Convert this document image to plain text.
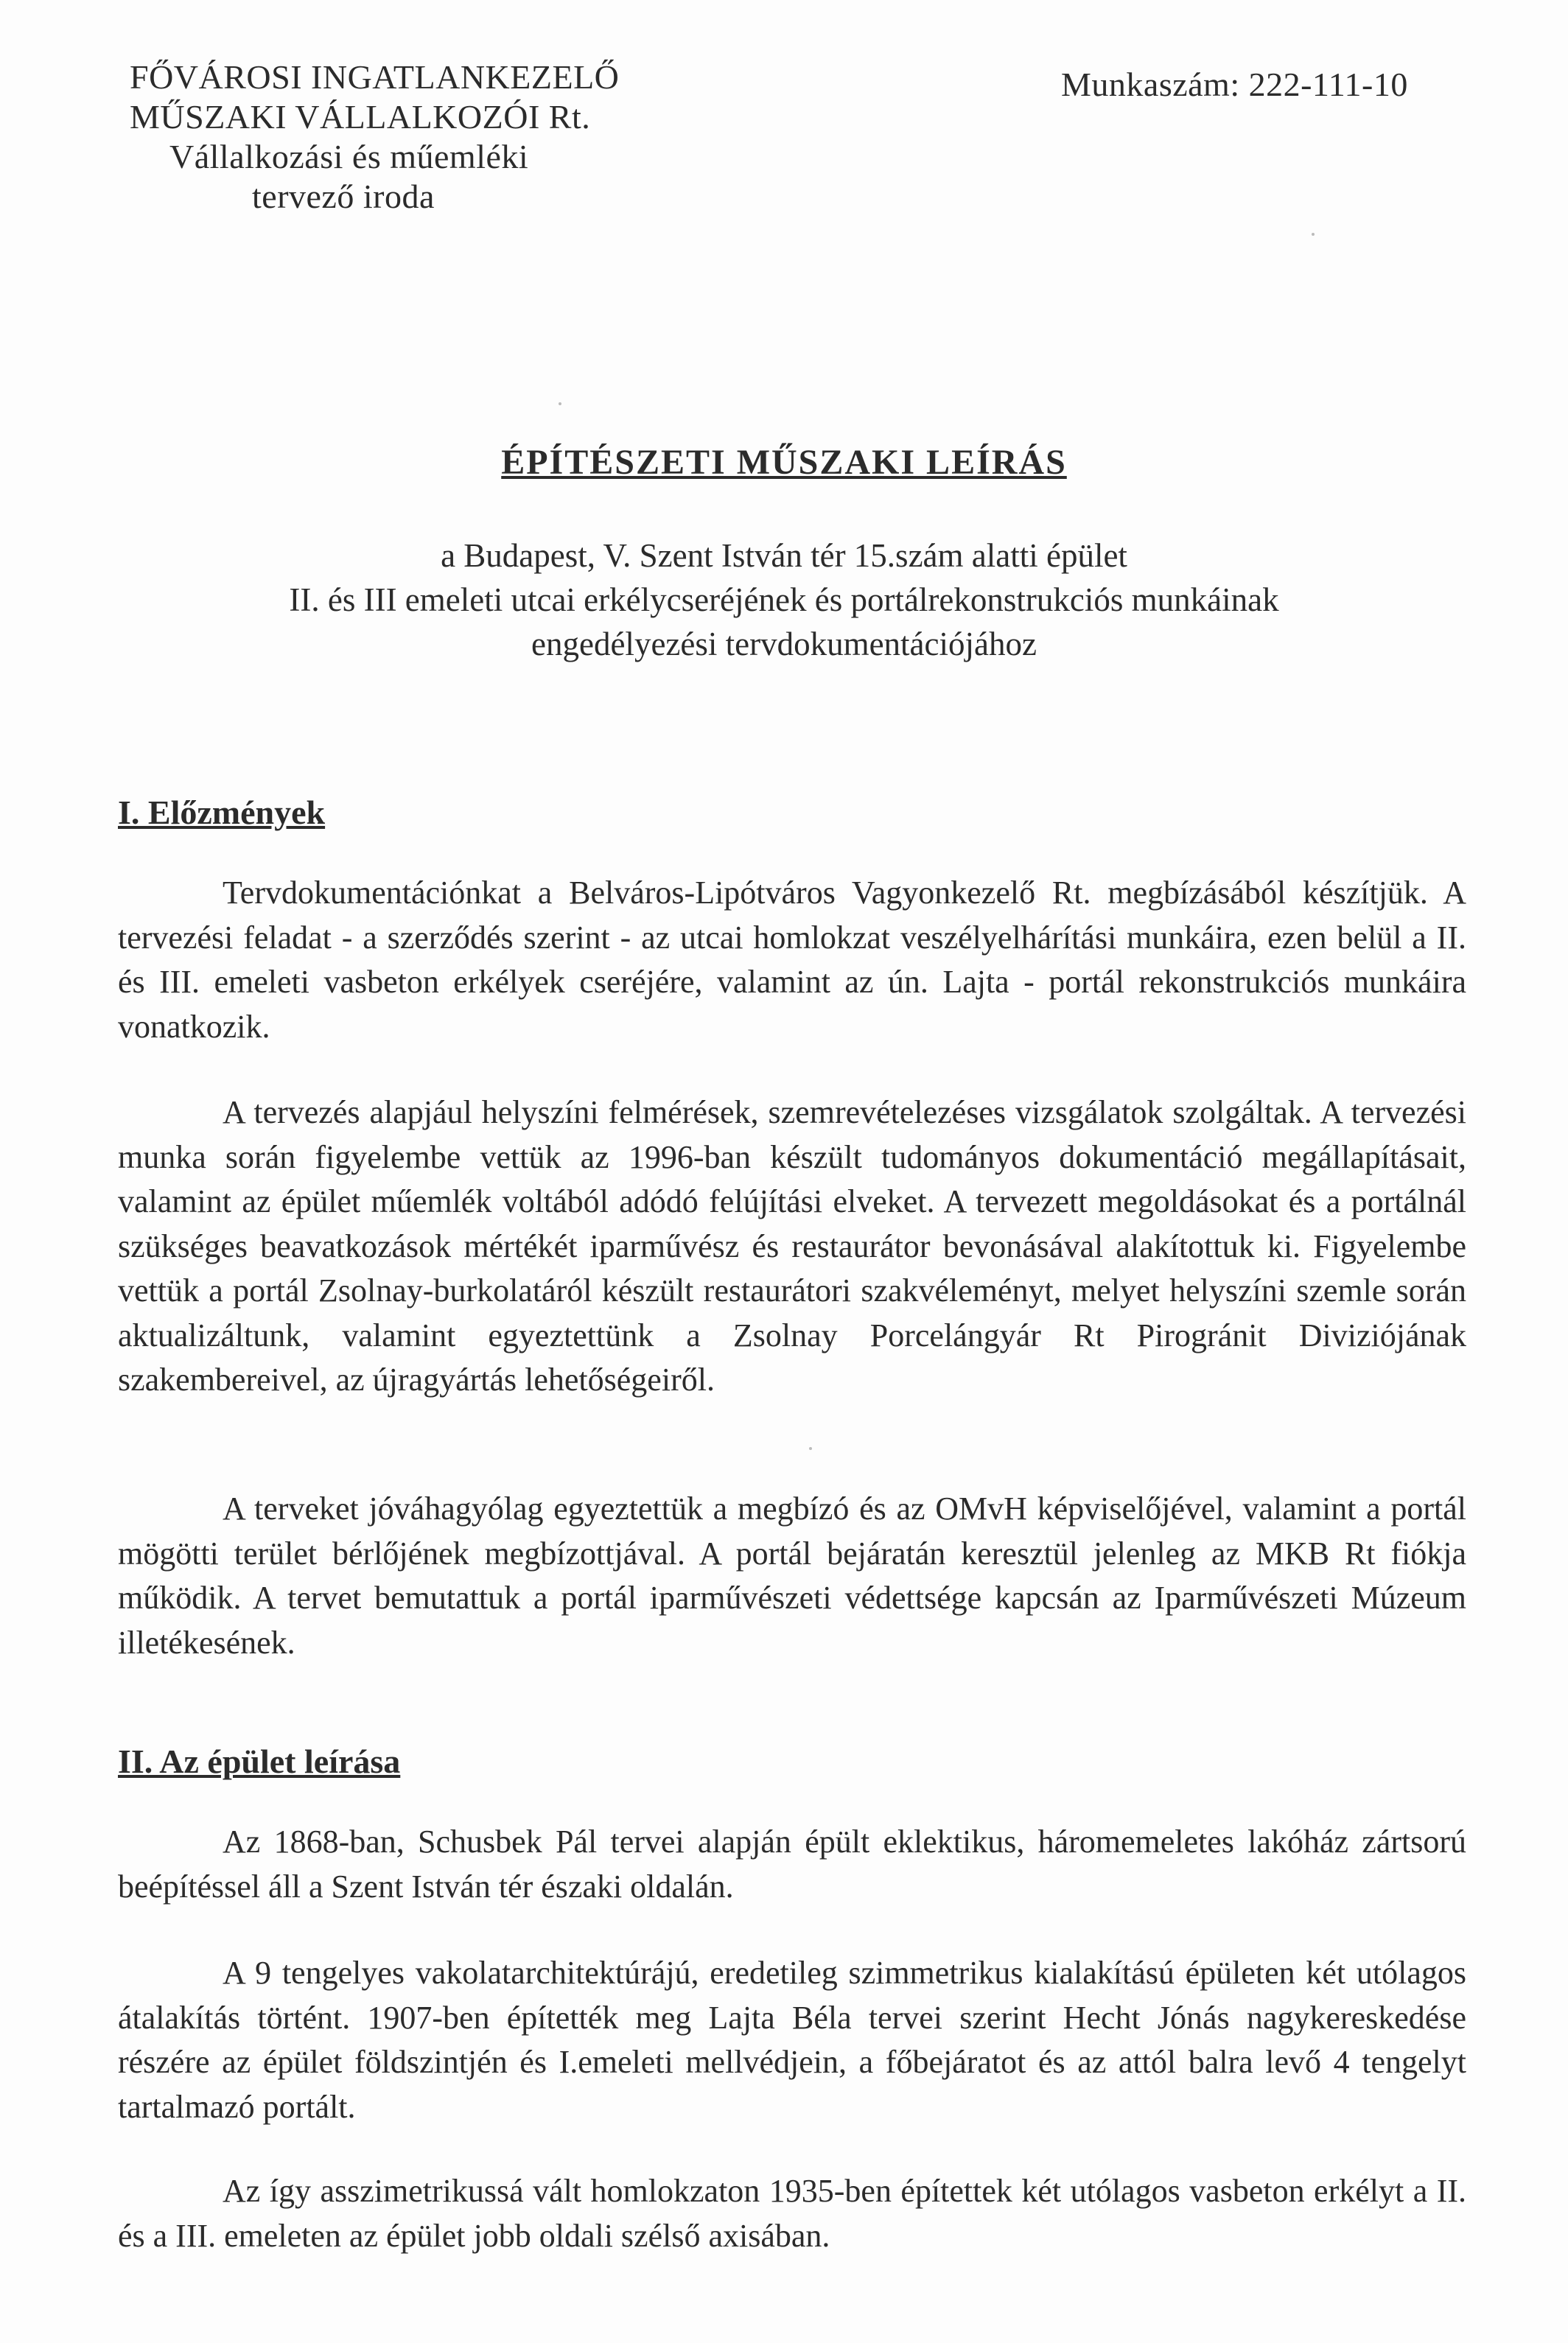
FŐVÁROSI INGATLANKEZELŐ
MŰSZAKI VÁLLALKOZÓI Rt.
Vállalkozási és műemléki
tervező iroda
Munkaszám: 222-111-10
ÉPÍTÉSZETI MŰSZAKI LEÍRÁS
a Budapest, V. Szent István tér 15.szám alatti épület
II. és III emeleti utcai erkélycseréjének és portálrekonstrukciós munkáinak
engedélyezési tervdokumentációjához
I. Előzmények

Tervdokumentációnkat a Belváros-Lipótváros Vagyonkezelő Rt. megbízásából készítjük. A tervezési feladat - a szerződés szerint - az utcai homlokzat veszélyelhárítási munkáira, ezen belül a II. és III. emeleti vasbeton erkélyek cseréjére, valamint az ún. Lajta - portál rekonstrukciós munkáira vonatkozik.

A tervezés alapjául helyszíni felmérések, szemrevételezéses vizsgálatok szolgáltak. A tervezési munka során figyelembe vettük az 1996-ban készült tudományos dokumentáció megállapításait, valamint az épület műemlék voltából adódó felújítási elveket. A tervezett megoldásokat és a portálnál szükséges beavatkozások mértékét iparművész és restaurátor bevonásával alakítottuk ki. Figyelembe vettük a portál Zsolnay-burkolatáról készült restaurátori szakvéleményt, melyet helyszíni szemle során aktualizáltunk, valamint egyeztettünk a Zsolnay Porcelángyár Rt Pirogránit Diviziójának szakembereivel, az újragyártás lehetőségeiről.

A terveket jóváhagyólag egyeztettük a megbízó és az OMvH képviselőjével, valamint a portál mögötti terület bérlőjének megbízottjával. A portál bejáratán keresztül jelenleg az MKB Rt fiókja működik. A tervet bemutattuk a portál iparművészeti védettsége kapcsán az Iparművészeti Múzeum illetékesének.

II. Az épület leírása

Az 1868-ban, Schusbek Pál tervei alapján épült eklektikus, háromemeletes lakóház zártsorú beépítéssel áll a Szent István tér északi oldalán.

A 9 tengelyes vakolatarchitektúrájú, eredetileg szimmetrikus kialakítású épületen két utólagos átalakítás történt. 1907-ben építették meg Lajta Béla tervei szerint Hecht Jónás nagykereskedése részére az épület földszintjén és I.emeleti mellvédjein, a főbejáratot és az attól balra levő 4 tengelyt tartalmazó portált.

Az így asszimetrikussá vált homlokzaton 1935-ben építettek két utólagos vasbeton erkélyt a II. és a III. emeleten az épület jobb oldali szélső axisában.
